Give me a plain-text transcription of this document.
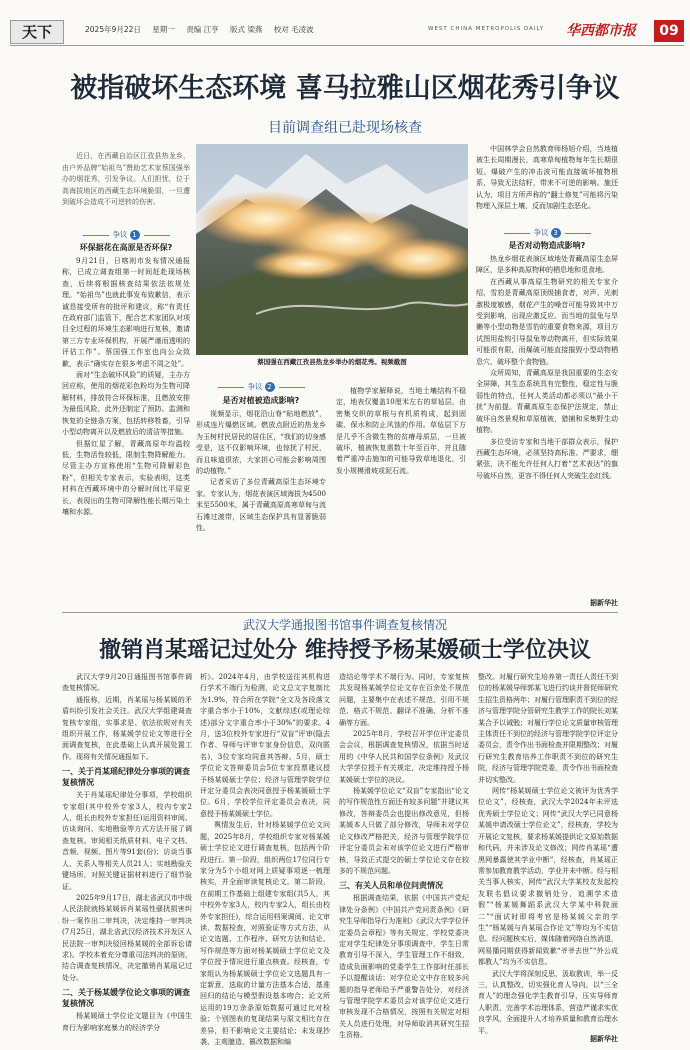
天下	2025年9月22日 星期一 责编 江亨 版式 梁燕 校对 毛凌波	WEST CHINA METROPOLIS DAILY 华西都市报	09
被指破坏生态环境 喜马拉雅山区烟花秀引争议
目前调查组已赴现场核查

近日，在西藏自治区江孜县热龙乡，由户外品牌“始祖鸟”赞助艺术家蔡国强举办的烟花秀，引发争议。人们担忧，位于高海拔地区的西藏生态环境脆弱，一旦遭到破坏会造成不可逆转的伤害。

蔡国强在西藏江孜县热龙乡举办的烟花秀。视频截图
争议 1
环保据花在高原是否环保?

9月21日，日喀则市发布情况通报称，已成立调查组第一时间赶赴现场核查，后续将根据核查结果依法依规处理。“始祖鸟”也就此事发布致歉信，表示诚恳接受所有的批评和建议，称“有责任在政府部门监管下，配合艺术家团队对项目全过程的环境生态影响进行复核，邀请第三方专业环保机构，开展严谨而透明的评估工作”。蔡国强工作室也向公众致歉，表示“确实存在很多考虑不周之处”。

面对“生态破坏风险”的质疑，主办方回应称，使用的烟花彩色粉均为生物可降解材料，排放符合环保标准，且燃放安排为最低风险，此外还制定了预防、监测和恢复的全链条方案，包括转移牲畜，引导小型动物离开以及燃放后的清洁等措施。

但据红星了解，青藏高原年均温较低，生物活性较低，限制生物降解能力。尽管主办方宣称使用“生物可降解彩色粉”，但相关专家表示，实验表明，这类材料在西藏环境中的分解时间比平原更长，表现出的生物可降解性能长期污染土壤和水源。

争议 2
是否对植被造成影响?

视频显示，烟花沿山脊“贴地燃放”，形成连片爆燃区域。燃放点附近的热龙乡为玉树村民居民的居住区，“我们的切身感受是，这不仅影响环境，也惊扰了村民，而且味道很浓，大家担心可能会影响周围的动植物。”

记者采访了多位青藏高原生态环境专家。专家认为，烟花表演区域海拔为4500米至5500米，属于青藏高原高寒草甸与流石滩过渡带，区域生态保护具有显著脆弱性。

植物学家解释说，当地土壤结构不稳定，地表仅覆盖10厘米左右的草毡层，由密集交织的草根与有机质构成，起到固碳、保水和防止风蚀的作用。草毡层下方是几乎不含微生物的贫瘠母质层，一旦被破坏，植被恢复需数十年至百年，并且随着严重冲击施加的可能导致草地退化，引发小规模滑坡或泥石流。

中国林学会自然教育师杨旭介绍，当地植被生长周期漫长，高寒草甸植物每年生长期很短。爆破产生的冲击波可能直接破坏植物根系，导致无法结籽，带来不可逆的影响。施还认为，项目方所声称的“翻土修复”可能将污染物埋入深层土壤，反而加剧生态恶化。

争议 3
是否对动物造成影响?

热龙乡烟花表演区域地处青藏高原生态屏障区，是多种高原物种的栖息地和觅食地。

在西藏从事高原生物研究的相关专家介绍，雪豹是青藏高原顶级捕食者，对声、光刺激极度敏感，烟花产生的噪音可能导致其中万受到影响，出现应激反应。而当地的鼠兔与旱獭等小型动物是雪豹的重要食物来源，项目方试图用盐钩引导鼠兔等动物离开，但实际效果可能很有限，而爆破可能直接摧毁小型动物栖息穴，破坏整个食物链。

众所周知，青藏高原是我国重要的生态安全屏障，其生态系统具有完整性，稳定性与脆弱性的特点，任何人类活动都必须以“最小干扰”为前提。青藏高原生态保护法规定，禁止破坏自然景观和草原植被，猎捕和采集野生动植物。

多位受访专家和当地干部群众表示，保护西藏生态环境，必须坚持高标准、严要求，绷紧弦，决不能允许任何人打着“艺术表达”的旗号破坏自然，更容不得任何人突破生态红线。

据新华社
武汉大学通报图书馆事件调查复核情况
撤销肖某瑶记过处分 维持授予杨某媛硕士学位决议

武汉大学9月20日通报图书馆事件调查复核情况。

通报称，近期，肖某瑶与杨某媛的矛盾纠纷引发社会关注。武汉大学组建调查复核专家组，实事求是、依法依规对有关组织开展工作，杨某媛学位论文等进行全面调查复核，在此基础上认真开展处置工作。现将有关情况通报如下。

一、关于肖某瑶纪律处分事项的调查复核情况

关于肖某瑶纪律处分事项，学校组织专家组(其中校外专家3人，校内专家2人，组长由校外专家担任)运用资料审阅、访谈询问、实地勘验等方式方法开展了调查复核。审阅相关纸质材料、电子文档、音频、视频、图片等91套(份)；访谈当事人、关系人等相关人员21人；实地勘验关键场所，对照关键证据材料进行了细节验证。

2025年9月17日，湖北省武汉市中级人民法院就杨某媛诉肖某瑶性骚扰损害纠纷一案作出二审判决，决定维持一审判决(7月25日，湖北省武汉经济技术开发区人民法院一审判决驳回杨某媛的全部诉讼请求)。学校本着充分尊重司法判决的原则，结合调查复核情况，决定撤销肖某瑶记过处分。

二、关于杨某媛学位论文事项的调查复核情况

杨某媛硕士学位论文题目为《中国生育行为影响家庭暴力的经济学分

析》。2024年4月，由学校送往其机构进行学术不端行为检测，论文总文字复制比为1.9%，符合所在学院“全文及各段落文字重合率小于10%，文献综述(或理论综述)部分文字重合率小于30%”的要求。4月，送3位校外专家进行“双盲”评审(隐去作者、导师与评审专家身份信息，双向匿名)，3位专家均同意其答辩。5月，硕士学位论文答辩委员会5位专家投票建议授予杨某媛硕士学位；经济与管理学院学位评定分委员会表决同意授予杨某媛硕士学位。6月，学校学位评定委员会表决，同意授予杨某媛硕士学位。

舆情发生后，针对杨某媛学位论文问题，2025年8月，学校组织专家对杨某媛硕士学位论文进行调查复核，包括两个阶段进行。第一阶段，组织两位17位同行专家分为5个小组对网上质疑事项逐一梳理核实，并全面审读复核论文。第二阶段，在前期工作基础上组建专家组(共5人，其中校外专家3人，校内专家2人，组长由校外专家担任)，综合运用档案调阅、论文审读、数据检查，对照验证等方式方法，从论文选题、工作程序、研究方法和结论、写作规范等方面对杨某媛硕士学位论文及学位授予情况进行重点核查。经核查，专家组认为杨某媛硕士学位论文选题具有一定新意，选取的计量方法基本合适，基准回归的结论与模型假设基本吻合；论文所运用的19万余条原始数据可通过比对检验；个别图表的复现结果与原文相比存在差异，但不影响论文主要结论；未发现抄袭、主观臆造、篡改数据和编

造结论等学术不端行为。同时，专家复核共发现杨某媛学位论文存在百余处不规范问题，主要集中在表述不规范、引用不规范、格式不规范、翻译不准确、分析不准确等方面。

2025年8月，学校召开学位评定委员会会议，根据调查复核情况，依据当时适用的《中华人民共和国学位条例》及武汉大学学位授予有关规定，决定维持授予杨某媛硕士学位的决议。

杨某媛学位论文“双盲”专家指出“论文的写作规范性方面还有较多问题”并建议其修改，答辩委员会也提出修改意见，但杨某媛本人只做了部分修改，导师未对学位论文修改严格把关，经济与管理学院学位评定分委员会未对该学位论文进行严格审核，导致正式提交的硕士学位论文存在较多的不规范问题。

三、有关人员和单位问责情况

根据调查结果，依据《中国共产党纪律处分条例》《中国共产党问责条例》《研究生导师指导行为准则》《武汉大学学位评定委员会章程》等有关规定，学校党委决定对学生纪律处分事项调查中，学生日常教育引导不深入，学生管理工作不细致，造成负面影响的党委学生工作部时任部长予以提醒谈话；对学位论文中存在较多问题的指导老师给予严重警告处分，对经济与管理学院学术委员会对该学位论文进行审核发现不合格情况，按照有关规定对相关人员进行处理，对导师取消其研究生招生资格。

整改。对履行研究生培养第一责任人责任不到位的杨某媛导师郭某飞进行约谈并督促师研究生招生资格两年；对履行管理职责不到位的经济与管理学院分管研究生教学工作的院长刘某某合予以诫勉；对履行学位论文质量审核管理主体责任不到位的经济与管理学院学位评定分委员会，责令作出书面检查并限期整改；对履行研究生教育培养工作职责不到位的研究生院，经济与管理学院党委，责令作出书面检查并切实整改。

网传“杨某媛硕士学位论文被评为优秀学位论文”，经核查，武汉大学2024年未评选优秀硕士学位论文；网传“武汉大学已同意杨某媛申请改硕士学位论文”，经核查，学校为开展论文复核，要求杨某媛提供论文原始数据和代码，并未涉及论文修改；网传肖某瑶“遭黑网暴露使其学业中断”，经核查，肖某瑶正常参加教育教学活动，学业并未中断。经与相关当事人核实，网传“武汉大学某校友发起校友联名倡议要求撤销处分，追溯学术造假”“杨某媛舞蹈系武汉大学某中科院面二”“面试时即将考官是杨某媛父亲的学生”“杨某媛与肖某瑶合作论文”等均为不实信息。经问题核实后，媒体随着网络自然消退，网易播同期获得新闻致歉“爷爷去世”“外公成都教人”均为不实信息。

武汉大学将深刻反思，汲取教训，举一反三，认真整改，切实强化育人导向，以“三全育人”的理念强化学生教育引导，压实导师育人职责，完善学术治理体系，营造严谨求实优良学风，全面提升人才培养质量和教育治理水平。

据新华社
